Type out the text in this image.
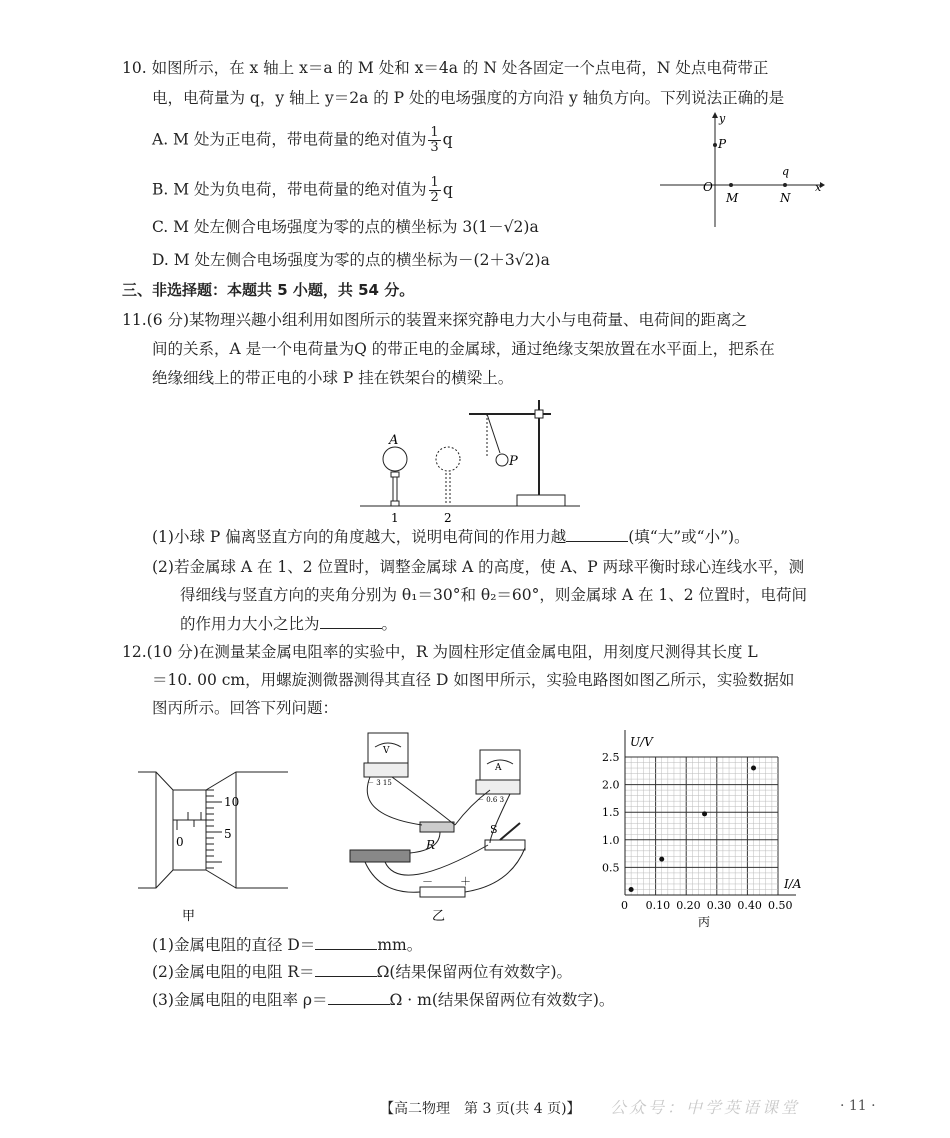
10. 如图所示，在 x 轴上 x＝a 的 M 处和 x＝4a 的 N 处各固定一个点电荷，N 处点电荷带正
电，电荷量为 q，y 轴上 y＝2a 的 P 处的电场强度的方向沿 y 轴负方向。下列说法正确的是
A. M 处为正电荷，带电荷量的绝对值为 $\frac{1}{3}$ q
B. M 处为负电荷，带电荷量的绝对值为 $\frac{1}{2}$ q
C. M 处左侧合电场强度为零的点的横坐标为 3(1－√2)a
D. M 处左侧合电场强度为零的点的横坐标为－(2＋3√2)a
y
P
O
M	N
q
x
三、非选择题：本题共 5 小题，共 54 分。
11.(6 分)某物理兴趣小组利用如图所示的装置来探究静电力大小与电荷量、电荷间的距离之
间的关系，A 是一个电荷量为Q 的带正电的金属球，通过绝缘支架放置在水平面上，把系在
绝缘细线上的带正电的小球 P 挂在铁架台的横梁上。
A
P
1	2
(1)小球 P 偏离竖直方向的角度越大，说明电荷间的作用力越	(填“大”或“小”)。
(2)若金属球 A 在 1、2 位置时，调整金属球 A 的高度，使 A、P 两球平衡时球心连线水平，测
得细线与竖直方向的夹角分别为 θ₁＝30°和 θ₂＝60°，则金属球 A 在 1、2 位置时，电荷间
的作用力大小之比为	。
12.(10 分)在测量某金属电阻率的实验中，R 为圆柱形定值金属电阻，用刻度尺测得其长度 L
＝10. 00 cm，用螺旋测微器测得其直径 D 如图甲所示，实验电路图如图乙所示，实验数据如
图丙所示。回答下列问题：
10
5
0
甲
V
－ 3 15
A
－ 0.6 3
R
S
－ ＋
乙
2.5
2.0
1.5
1.0
0.5
0 0.10 0.20 0.30 0.40 0.50
U/V
I/A
丙
(1)金属电阻的直径 D＝	mm。
(2)金属电阻的电阻 R＝	Ω(结果保留两位有效数字)。
(3)金属电阻的电阻率 ρ＝	Ω · m(结果保留两位有效数字)。
【高二物理　第 3 页(共 4 页)】 公众号：中学英语课堂	· 11 ·
